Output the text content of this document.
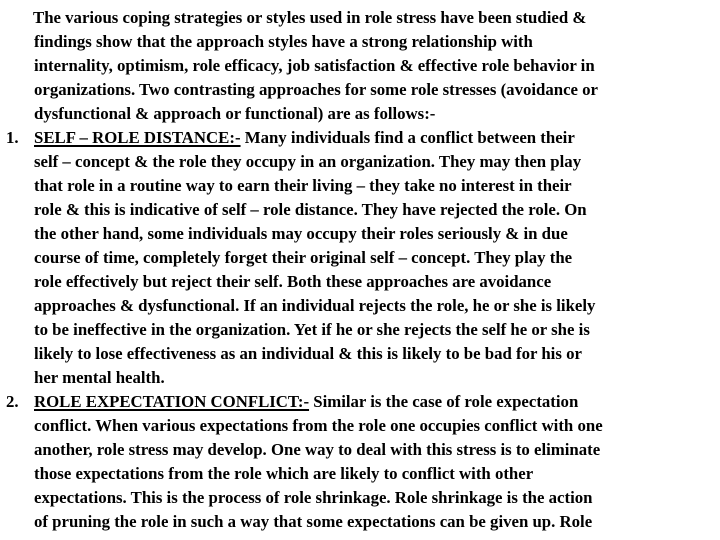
The various coping strategies or styles used in role stress have been studied &
findings show that the approach styles have a strong relationship with
internality, optimism, role efficacy, job satisfaction & effective role behavior in
organizations. Two contrasting approaches for some role stresses (avoidance or
dysfunctional & approach or functional) are as follows:-
1. SELF – ROLE DISTANCE:- Many individuals find a conflict between their
self – concept & the role they occupy in an organization. They may then play
that role in a routine way to earn their living – they take no interest in their
role & this is indicative of self – role distance. They have rejected the role. On
the other hand, some individuals may occupy their roles seriously & in due
course of time, completely forget their original self – concept. They play the
role effectively but reject their self. Both these approaches are avoidance
approaches & dysfunctional. If an individual rejects the role, he or she is likely
to be ineffective in the organization. Yet if he or she rejects the self he or she is
likely to lose effectiveness as an individual & this is likely to be bad for his or
her mental health.
2. ROLE EXPECTATION CONFLICT:- Similar is the case of role expectation
conflict. When various expectations from the role one occupies conflict with one
another, role stress may develop. One way to deal with this stress is to eliminate
those expectations from the role which are likely to conflict with other
expectations. This is the process of role shrinkage. Role shrinkage is the action
of pruning the role in such a way that some expectations can be given up. Role
